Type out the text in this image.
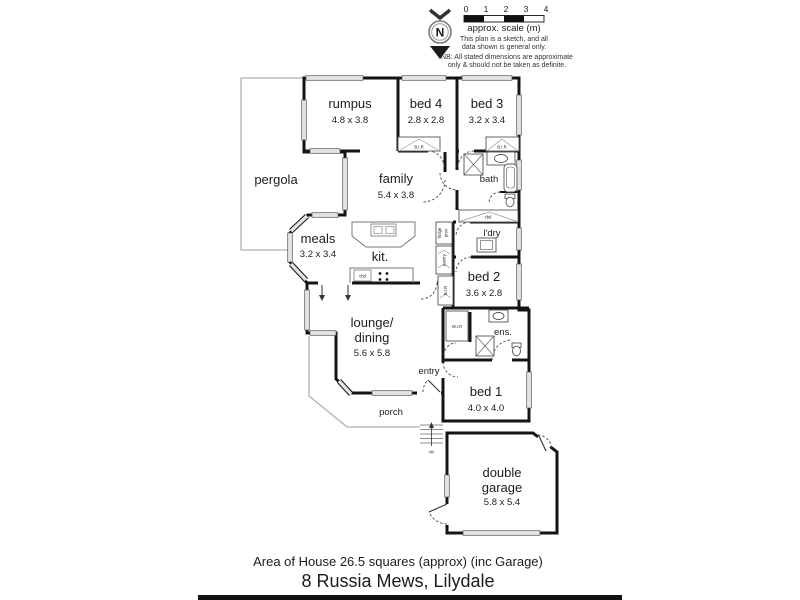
N
0 1 2 3 4
approx. scale (m)
This plan is a sketch, and all
data shown is general only.
NB: All stated dimensions are approximate
only & should not be taken as definite.
rumpus
4.8 x 3.8
bed 4
2.8 x 2.8
bed 3
3.2 x 3.4
pergola	family
5.4 x 3.8
bath
meals
3.2 x 3.4	kit.
l'dry
bed 2
3.6 x 2.8
lounge/
dining
5.6 x 5.8
entry
porch
ens.
bed 1
4.0 x 4.0
double
garage
5.8 x 5.4
B.I.R	B.I.R
cbd
cbd
W.I.R
fridge prov
pantry
B.I.R
up
Area of House 26.5 squares (approx) (inc Garage)
8 Russia Mews, Lilydale
